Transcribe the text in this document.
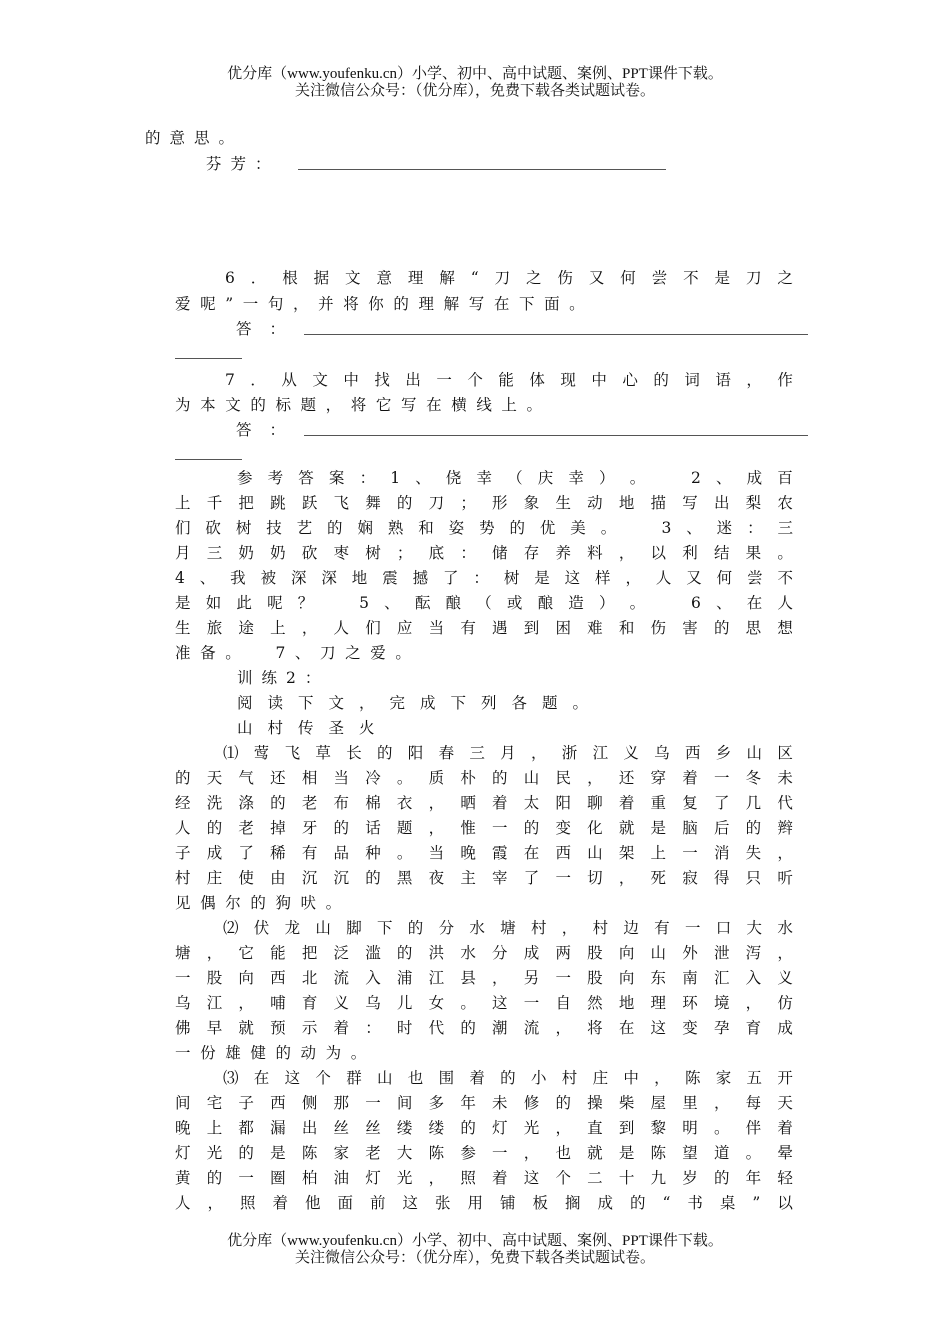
优分库（www.youfenku.cn）小学、初中、高中试题、案例、PPT课件下载。
关注微信公众号：（优分库），免费下载各类试题试卷。
的意思。
芬芳：
6 ． 根 据 文 意 理 解 “ 刀 之 伤 又 何 尝 不 是 刀 之
爱 呢 ” 一 句 ， 并 将 你 的 理 解 写 在 下 面 。
答：
7 ． 从 文 中 找 出 一 个 能 体 现 中 心 的 词 语 ， 作
为 本 文 的 标 题 ， 将 它 写 在 横 线 上 。
答：
参 考 答 案 ： 1 、 侥 幸 （ 庆 幸 ） 。
　	2 、 成 百
上 千 把 跳 跃 飞 舞 的 刀 ； 形 象 生 动 地 描 写 出 梨 农
们 砍 树 技 艺 的 娴 熟 和 姿 势 的 优 美 。
　	3 、 迷 ： 三
月 三 奶 奶 砍 枣 树 ； 底 ： 储 存 养 料 ， 以 利 结 果 。
4 、 我 被 深 深 地 震 撼 了 ： 树 是 这 样 ， 人 又 何 尝 不
是 如 此 呢 ？
　	5 、 酝 酿 （ 或 酿 造 ） 。
　	6 、 在 人
生 旅 途 上 ， 人 们 应 当 有 遇 到 困 难 和 伤 害 的 思 想
准 备 。
　 7 、 刀 之 爱 。
训练2：
阅读下文，完成下列各题。
山村传圣火
⑴ 莺 飞 草 长 的 阳 春 三 月 ， 浙 江 义 乌 西 乡 山 区
的 天 气 还 相 当 冷 。 质 朴 的 山 民 ， 还 穿 着 一 冬 未
经 洗 涤 的 老 布 棉 衣 ， 晒 着 太 阳 聊 着 重 复 了 几 代
人 的 老 掉 牙 的 话 题 ， 惟 一 的 变 化 就 是 脑 后 的 辫
子 成 了 稀 有 品 种 。 当 晚 霞 在 西 山 架 上 一 消 失 ，
村 庄 使 由 沉 沉 的 黑 夜 主 宰 了 一 切 ， 死 寂 得 只 听
见 偶 尔 的 狗 吠 。
⑵ 伏 龙 山 脚 下 的 分 水 塘 村 ， 村 边 有 一 口 大 水
塘 ， 它 能 把 泛 滥 的 洪 水 分 成 两 股 向 山 外 泄 泻 ，
一 股 向 西 北 流 入 浦 江 县 ， 另 一 股 向 东 南 汇 入 义
乌 江 ， 哺 育 义 乌 儿 女 。 这 一 自 然 地 理 环 境 ， 仿
佛 早 就 预 示 着 ： 时 代 的 潮 流 ， 将 在 这 变 孕 育 成
一 份 雄 健 的 动 为 。
⑶ 在 这 个 群 山 也 围 着 的 小 村 庄 中 ， 陈 家 五 开
间 宅 子 西 侧 那 一 间 多 年 未 修 的 操 柴 屋 里 ， 每 天
晚 上 都 漏 出 丝 丝 缕 缕 的 灯 光 ， 直 到 黎 明 。 伴 着
灯 光 的 是 陈 家 老 大 陈 参 一 ， 也 就 是 陈 望 道 。 晕
黄 的 一 圈 柏 油 灯 光 ， 照 着 这 个 二 十 九 岁 的 年 轻
人 ， 照 着 他 面 前 这 张 用 铺 板 搁 成 的 “ 书 桌 ” 以
优分库（www.youfenku.cn）小学、初中、高中试题、案例、PPT课件下载。
关注微信公众号：（优分库），免费下载各类试题试卷。
